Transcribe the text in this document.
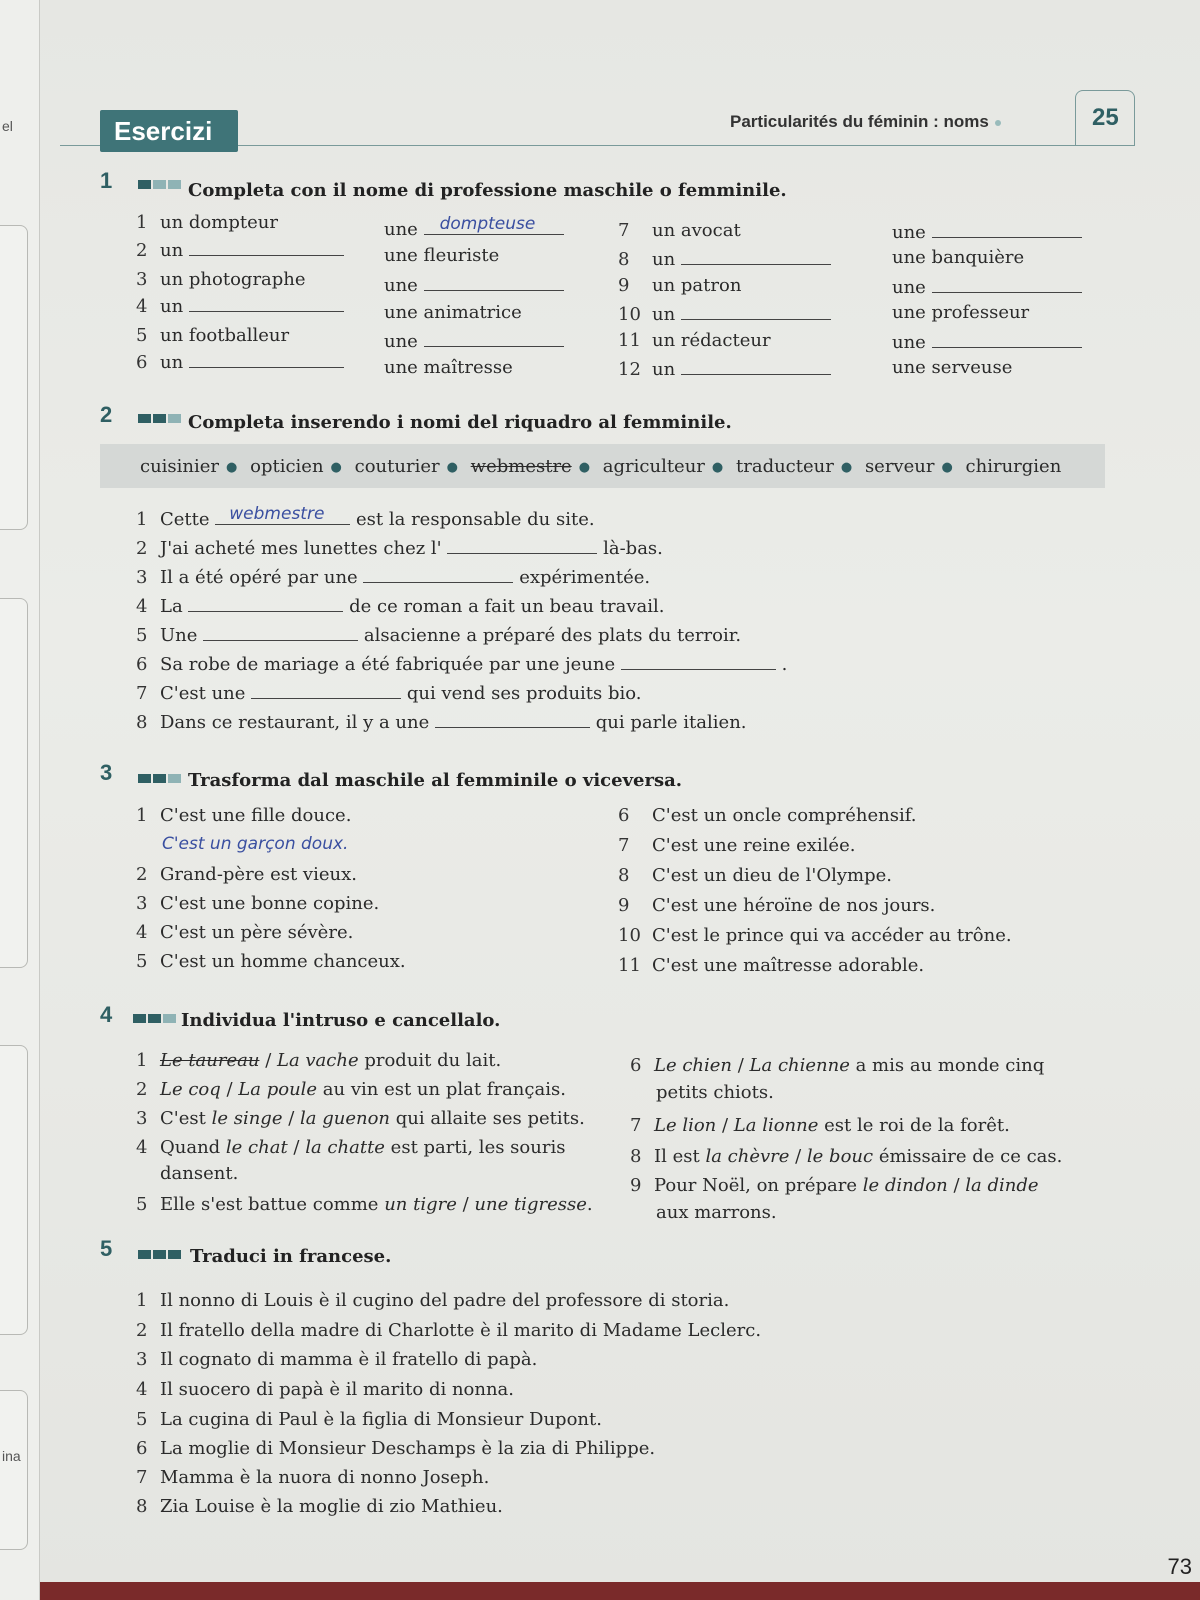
el
ina
Esercizi	Particularités du féminin : noms	25
1	Completa con il nome di professione maschile o femminile.
1 un dompteur	une dompteuse
2 un	une fleuriste
3 un photographe	une
4 un	une animatrice
5 un footballeur	une
6 un	une maîtresse
7 un avocat	une
8 un	une banquière
9 un patron	une
10 un	une professeur
11 un rédacteur	une
12 un	une serveuse
2	Completa inserendo i nomi del riquadro al femminile.
cuisinier ● opticien ● couturier ● webmestre ● agriculteur ● traducteur ● serveur ● chirurgien
1 Cette webmestre est la responsable du site.
2 J'ai acheté mes lunettes chez l'	là-bas.
3 Il a été opéré par une	expérimentée.
4 La	de ce roman a fait un beau travail.
5 Une	alsacienne a préparé des plats du terroir.
6 Sa robe de mariage a été fabriquée par une jeune	.
7 C'est une	qui vend ses produits bio.
8 Dans ce restaurant, il y a une	qui parle italien.
3	Trasforma dal maschile al femminile o viceversa.
1 C'est une fille douce.
C'est un garçon doux.
2 Grand-père est vieux.
3 C'est une bonne copine.
4 C'est un père sévère.
5 C'est un homme chanceux.
6 C'est un oncle compréhensif.
7 C'est une reine exilée.
8 C'est un dieu de l'Olympe.
9 C'est une héroïne de nos jours.
10 C'est le prince qui va accéder au trône.
11 C'est une maîtresse adorable.
4	Individua l'intruso e cancellalo.
1 Le taureau / La vache produit du lait.
2 Le coq / La poule au vin est un plat français.
3 C'est le singe / la guenon qui allaite ses petits.
4 Quand le chat / la chatte est parti, les souris
dansent.
5 Elle s'est battue comme un tigre / une tigresse.
6 Le chien / La chienne a mis au monde cinq
petits chiots.
7 Le lion / La lionne est le roi de la forêt.
8 Il est la chèvre / le bouc émissaire de ce cas.
9 Pour Noël, on prépare le dindon / la dinde
aux marrons.
5	Traduci in francese.
1 Il nonno di Louis è il cugino del padre del professore di storia.
2 Il fratello della madre di Charlotte è il marito di Madame Leclerc.
3 Il cognato di mamma è il fratello di papà.
4 Il suocero di papà è il marito di nonna.
5 La cugina di Paul è la figlia di Monsieur Dupont.
6 La moglie di Monsieur Deschamps è la zia di Philippe.
7 Mamma è la nuora di nonno Joseph.
8 Zia Louise è la moglie di zio Mathieu.
73
